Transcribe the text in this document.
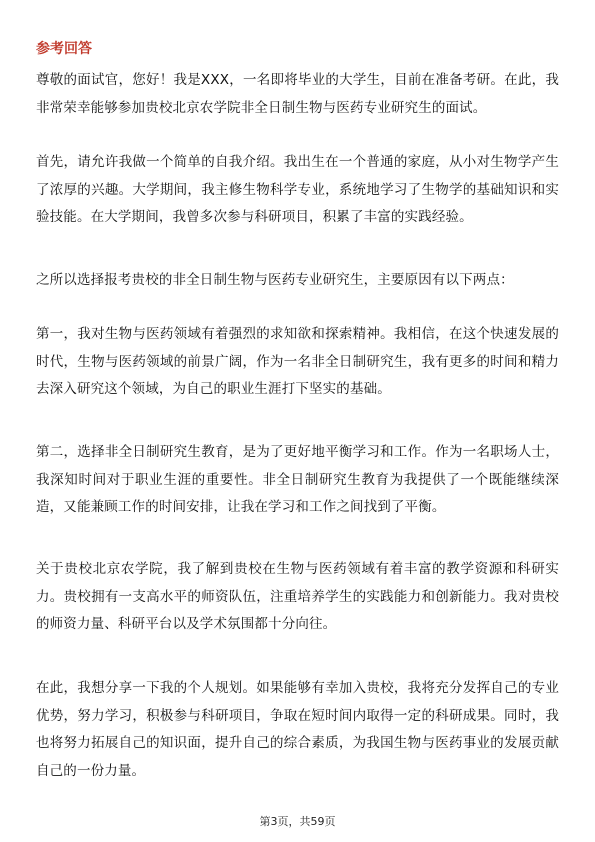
参考回答

尊敬的面试官，您好！我是XXX，一名即将毕业的大学生，目前在准备考研。在此，我非常荣幸能够参加贵校北京农学院非全日制生物与医药专业研究生的面试。

首先，请允许我做一个简单的自我介绍。我出生在一个普通的家庭，从小对生物学产生了浓厚的兴趣。大学期间，我主修生物科学专业，系统地学习了生物学的基础知识和实验技能。在大学期间，我曾多次参与科研项目，积累了丰富的实践经验。

之所以选择报考贵校的非全日制生物与医药专业研究生，主要原因有以下两点：

第一，我对生物与医药领域有着强烈的求知欲和探索精神。我相信，在这个快速发展的时代，生物与医药领域的前景广阔，作为一名非全日制研究生，我有更多的时间和精力去深入研究这个领域，为自己的职业生涯打下坚实的基础。

第二，选择非全日制研究生教育，是为了更好地平衡学习和工作。作为一名职场人士，我深知时间对于职业生涯的重要性。非全日制研究生教育为我提供了一个既能继续深造，又能兼顾工作的时间安排，让我在学习和工作之间找到了平衡。

关于贵校北京农学院，我了解到贵校在生物与医药领域有着丰富的教学资源和科研实力。贵校拥有一支高水平的师资队伍，注重培养学生的实践能力和创新能力。我对贵校的师资力量、科研平台以及学术氛围都十分向往。

在此，我想分享一下我的个人规划。如果能够有幸加入贵校，我将充分发挥自己的专业优势，努力学习，积极参与科研项目，争取在短时间内取得一定的科研成果。同时，我也将努力拓展自己的知识面，提升自己的综合素质，为我国生物与医药事业的发展贡献自己的一份力量。

第3页，共59页
